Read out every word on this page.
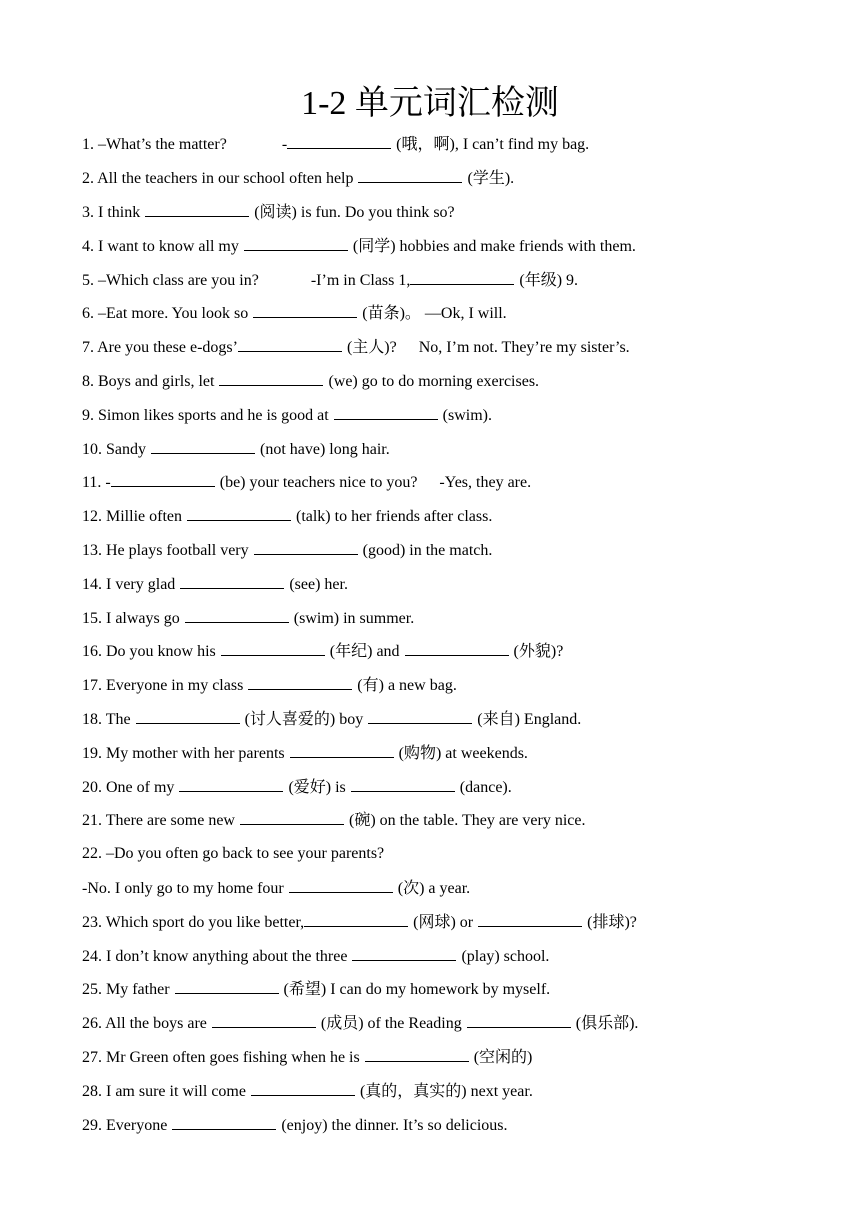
1-2 单元词汇检测
1. –What’s the matter?	-	(哦，啊), I can’t find my bag.
2. All the teachers in our school often help	(学生).
3. I think	(阅读) is fun. Do you think so?
4. I want to know all my	(同学) hobbies and make friends with them.
5. –Which class are you in?	-I’m in Class 1,	(年级) 9.
6. –Eat more. You look so	(苗条)。 —Ok, I will.
7. Are you these e-dogs’	(主人)? No, I’m not. They’re my sister’s.
8. Boys and girls, let	(we) go to do morning exercises.
9. Simon likes sports and he is good at	(swim).
10. Sandy	(not have) long hair.
11. -	(be) your teachers nice to you? -Yes, they are.
12. Millie often	(talk) to her friends after class.
13. He plays football very	(good) in the match.
14. I very glad	(see) her.
15. I always go	(swim) in summer.
16. Do you know his	(年纪) and	(外貌)?
17. Everyone in my class	(有) a new bag.
18. The	(讨人喜爱的) boy	(来自) England.
19. My mother with her parents	(购物) at weekends.
20. One of my	(爱好) is	(dance).
21. There are some new	(碗) on the table. They are very nice.
22. –Do you often go back to see your parents?
-No. I only go to my home four	(次) a year.
23. Which sport do you like better,	(网球) or	(排球)?
24. I don’t know anything about the three	(play) school.
25. My father	(希望) I can do my homework by myself.
26. All the boys are	(成员) of the Reading	(俱乐部).
27. Mr Green often goes fishing when he is	(空闲的)
28. I am sure it will come	(真的，真实的) next year.
29. Everyone	(enjoy) the dinner. It’s so delicious.
